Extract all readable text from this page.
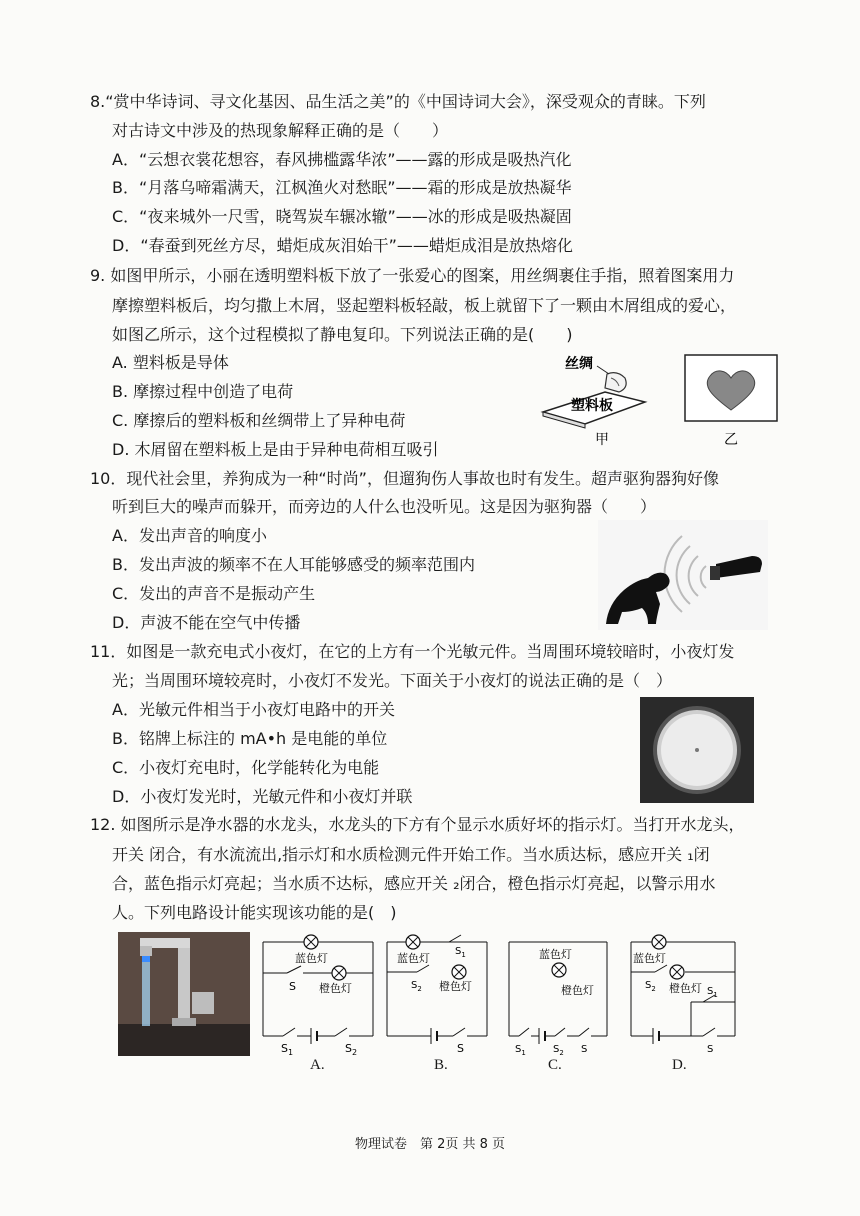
8.“赏中华诗词、寻文化基因、品生活之美”的《中国诗词大会》，深受观众的青睐。下列
对古诗文中涉及的热现象解释正确的是（　　）
A．“云想衣裳花想容，春风拂槛露华浓”——露的形成是吸热汽化
B．“月落乌啼霜满天，江枫渔火对愁眠”——霜的形成是放热凝华
C．“夜来城外一尺雪，晓驾炭车辗冰辙”——冰的形成是吸热凝固
D．“春蚕到死丝方尽，蜡炬成灰泪始干”——蜡炬成泪是放热熔化
9. 如图甲所示，小丽在透明塑料板下放了一张爱心的图案，用丝绸裹住手指，照着图案用力
摩擦塑料板后，均匀撒上木屑，竖起塑料板轻敲，板上就留下了一颗由木屑组成的爱心，
如图乙所示，这个过程模拟了静电复印。下列说法正确的是(　　)
A. 塑料板是导体
B. 摩擦过程中创造了电荷
C. 摩擦后的塑料板和丝绸带上了异种电荷
D. 木屑留在塑料板上是由于异种电荷相互吸引
丝绸
塑料板
甲	乙
10．现代社会里，养狗成为一种“时尚”，但遛狗伤人事故也时有发生。超声驱狗器狗好像
听到巨大的噪声而躲开，而旁边的人什么也没听见。这是因为驱狗器（　　）
A．发出声音的响度小
B．发出声波的频率不在人耳能够感受的频率范围内
C．发出的声音不是振动产生
D．声波不能在空气中传播
11．如图是一款充电式小夜灯，在它的上方有一个光敏元件。当周围环境较暗时，小夜灯发
光；当周围环境较亮时，小夜灯不发光。下面关于小夜灯的说法正确的是（　）
A．光敏元件相当于小夜灯电路中的开关
B．铭牌上标注的 mA•h 是电能的单位
C．小夜灯充电时，化学能转化为电能
D．小夜灯发光时，光敏元件和小夜灯并联
12. 如图所示是净水器的水龙头，水龙头的下方有个显示水质好坏的指示灯。当打开水龙头，
开关 闭合，有水流流出,指示灯和水质检测元件开始工作。当水质达标，感应开关 ₁闭
合，蓝色指示灯亮起；当水质不达标，感应开关 ₂闭合，橙色指示灯亮起，以警示用水
人。下列电路设计能实现该功能的是(　)
蓝色灯
S 橙色灯
$S_1$	$S_2$
蓝色灯
$S_1$
$S_2$ 橙色灯
S
蓝色灯
橙色灯
$S_1$	$S_2$ S
蓝色灯
$S_2$ 橙色灯 $S_1$
S
A.	B.	C.	D.
物理试卷　第 2页 共 8 页
